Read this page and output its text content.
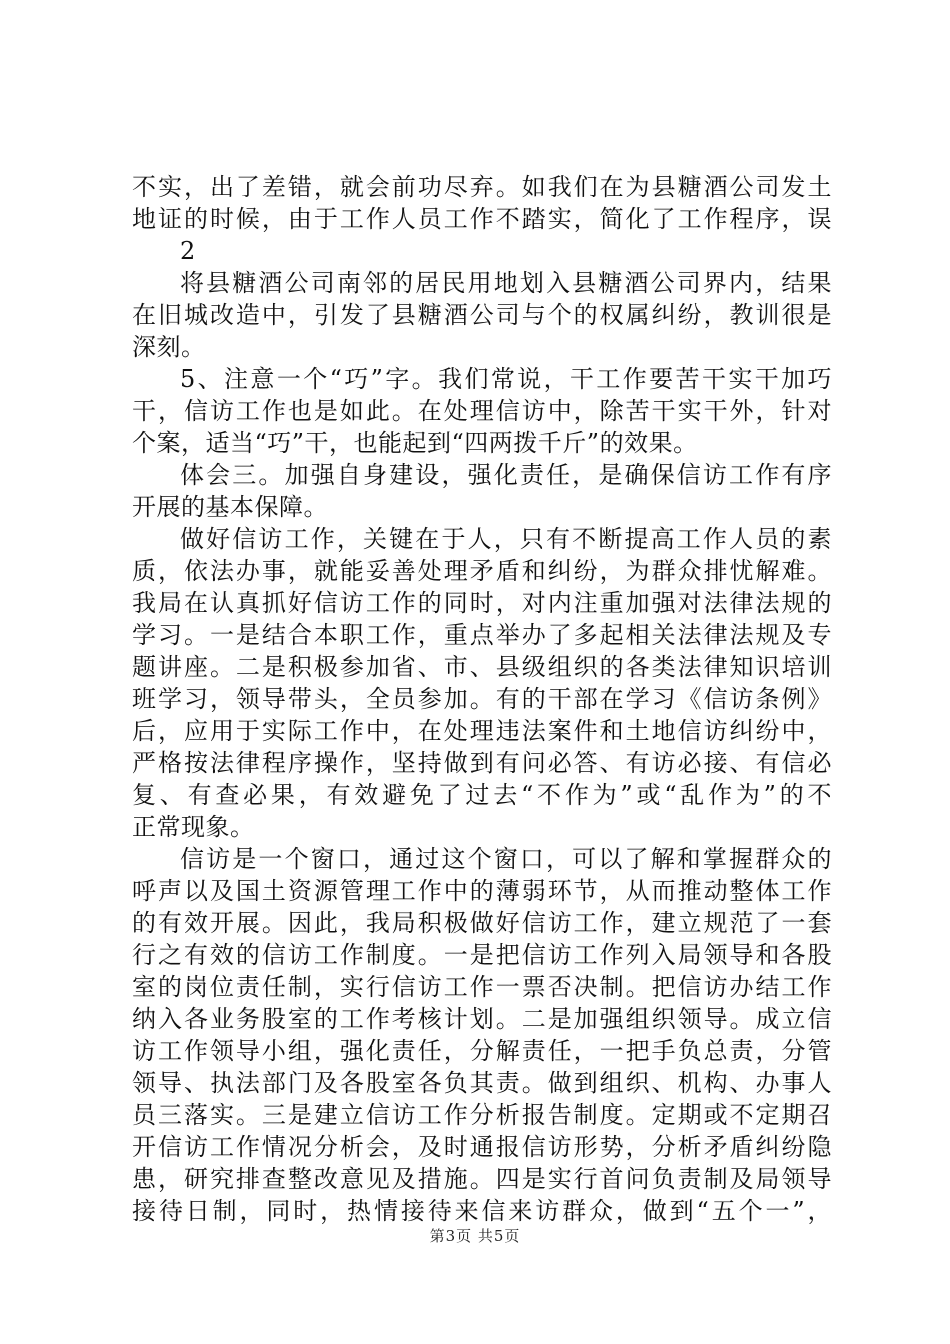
不实，出了差错，就会前功尽弃。如我们在为县糖酒公司发土
地证的时候，由于工作人员工作不踏实，简化了工作程序，误
2
将县糖酒公司南邻的居民用地划入县糖酒公司界内，结果
在旧城改造中，引发了县糖酒公司与个的权属纠纷，教训很是
深刻。
5、注意一个“巧”字。我们常说，干工作要苦干实干加巧
干，信访工作也是如此。在处理信访中，除苦干实干外，针对
个案，适当“巧”干，也能起到“四两拨千斤”的效果。
体会三。加强自身建设，强化责任，是确保信访工作有序
开展的基本保障。
做好信访工作，关键在于人，只有不断提高工作人员的素
质，依法办事，就能妥善处理矛盾和纠纷，为群众排忧解难。
我局在认真抓好信访工作的同时，对内注重加强对法律法规的
学习。一是结合本职工作，重点举办了多起相关法律法规及专
题讲座。二是积极参加省、市、县级组织的各类法律知识培训
班学习，领导带头，全员参加。有的干部在学习《信访条例》
后，应用于实际工作中，在处理违法案件和土地信访纠纷中，
严格按法律程序操作，坚持做到有问必答、有访必接、有信必
复、有查必果，有效避免了过去“不作为”或“乱作为”的不
正常现象。
信访是一个窗口，通过这个窗口，可以了解和掌握群众的
呼声以及国土资源管理工作中的薄弱环节，从而推动整体工作
的有效开展。因此，我局积极做好信访工作，建立规范了一套
行之有效的信访工作制度。一是把信访工作列入局领导和各股
室的岗位责任制，实行信访工作一票否决制。把信访办结工作
纳入各业务股室的工作考核计划。二是加强组织领导。成立信
访工作领导小组，强化责任，分解责任，一把手负总责，分管
领导、执法部门及各股室各负其责。做到组织、机构、办事人
员三落实。三是建立信访工作分析报告制度。定期或不定期召
开信访工作情况分析会，及时通报信访形势，分析矛盾纠纷隐
患，研究排查整改意见及措施。四是实行首问负责制及局领导
接待日制，同时，热情接待来信来访群众，做到“五个一”，
第3页 共5页
